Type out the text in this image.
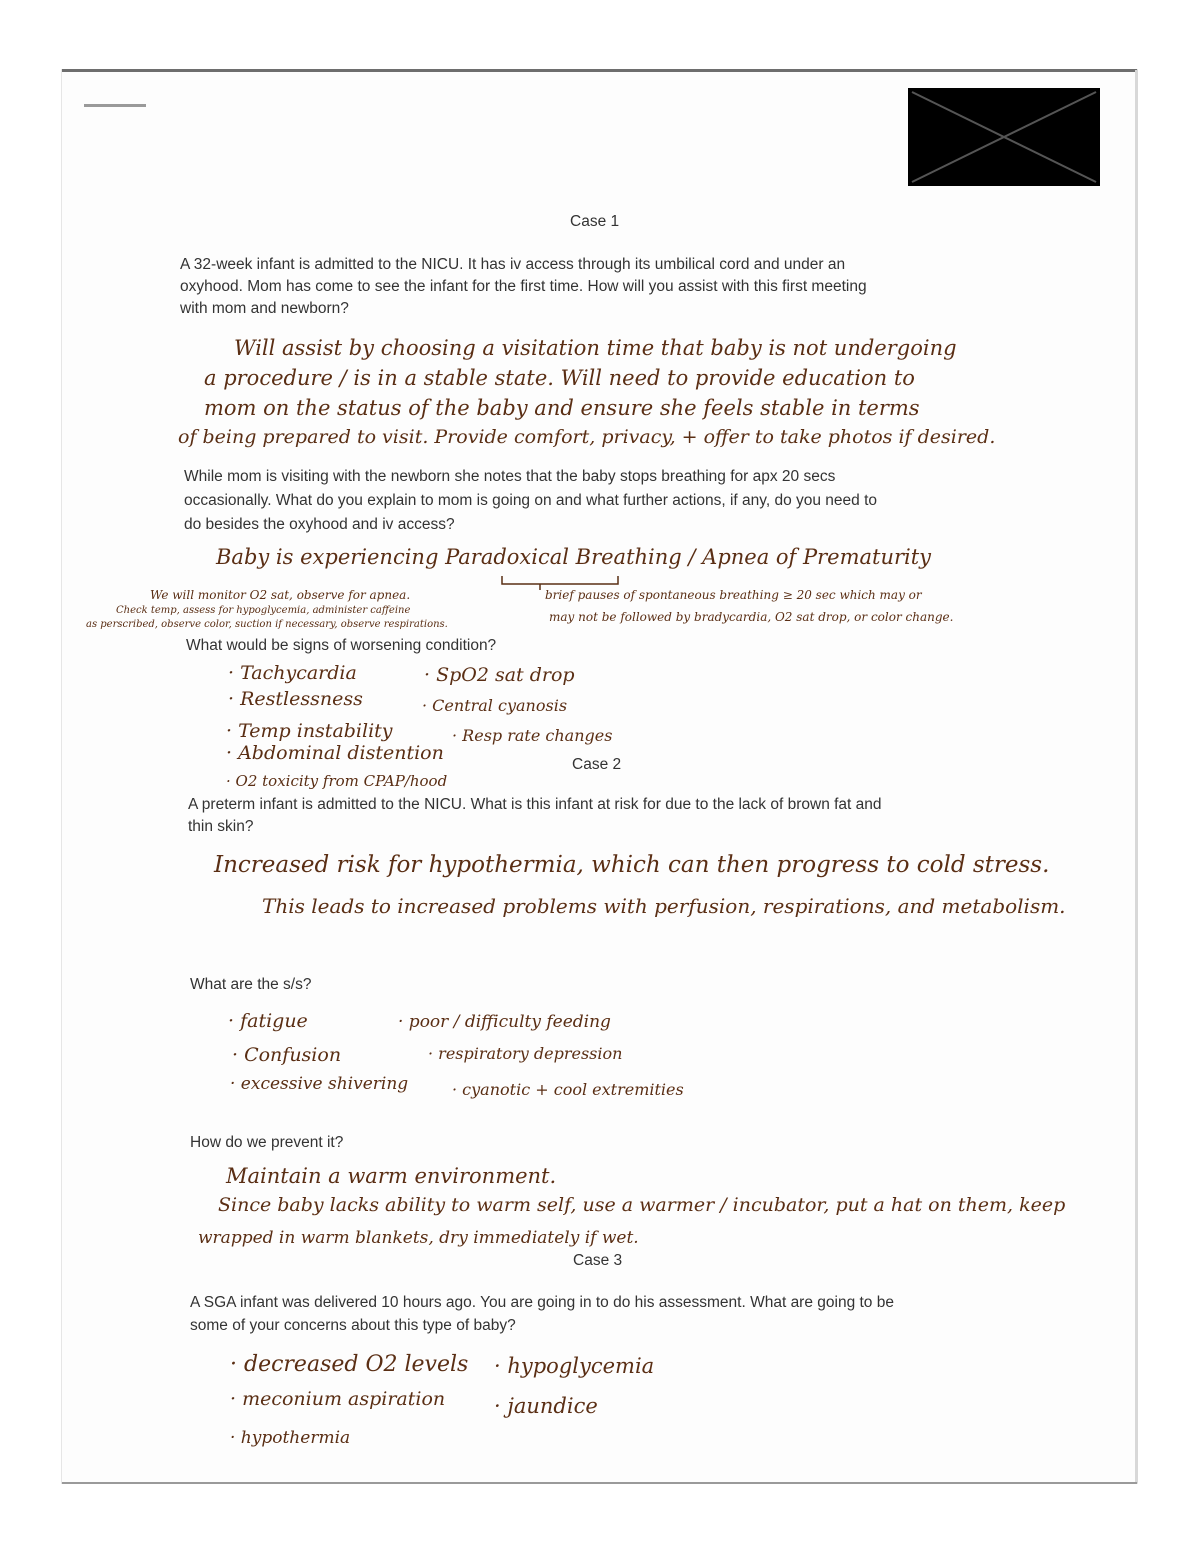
Case 1
A 32-week infant is admitted to the NICU. It has iv access through its umbilical cord and under an
oxyhood. Mom has come to see the infant for the first time. How will you assist with this first meeting
with mom and newborn?
Will assist by choosing a visitation time that baby is not undergoing
a procedure / is in a stable state. Will need to provide education to
mom on the status of the baby and ensure she feels stable in terms
of being prepared to visit. Provide comfort, privacy, + offer to take photos if desired.
While mom is visiting with the newborn she notes that the baby stops breathing for apx 20 secs
occasionally. What do you explain to mom is going on and what further actions, if any, do you need to
do besides the oxyhood and iv access?
Baby is experiencing Paradoxical Breathing / Apnea of Prematurity
We will monitor O2 sat, observe for apnea.
Check temp, assess for hypoglycemia, administer caffeine
as perscribed, observe color, suction if necessary, observe respirations.
brief pauses of spontaneous breathing ≥ 20 sec which may or
may not be followed by bradycardia, O2 sat drop, or color change.
What would be signs of worsening condition?
· Tachycardia
· Restlessness
· Temp instability
· Abdominal distention
· O2 toxicity from CPAP/hood
· SpO2 sat drop
· Central cyanosis
· Resp rate changes
Case 2
A preterm infant is admitted to the NICU. What is this infant at risk for due to the lack of brown fat and
thin skin?
Increased risk for hypothermia, which can then progress to cold stress.
This leads to increased problems with perfusion, respirations, and metabolism.
What are the s/s?
· fatigue
· Confusion
· excessive shivering
· poor / difficulty feeding
· respiratory depression
· cyanotic + cool extremities
How do we prevent it?
Maintain a warm environment.
Since baby lacks ability to warm self, use a warmer / incubator, put a hat on them, keep
wrapped in warm blankets, dry immediately if wet.
Case 3
A SGA infant was delivered 10 hours ago. You are going in to do his assessment. What are going to be
some of your concerns about this type of baby?
· decreased O2 levels
· meconium aspiration
· hypothermia
· hypoglycemia
· jaundice
